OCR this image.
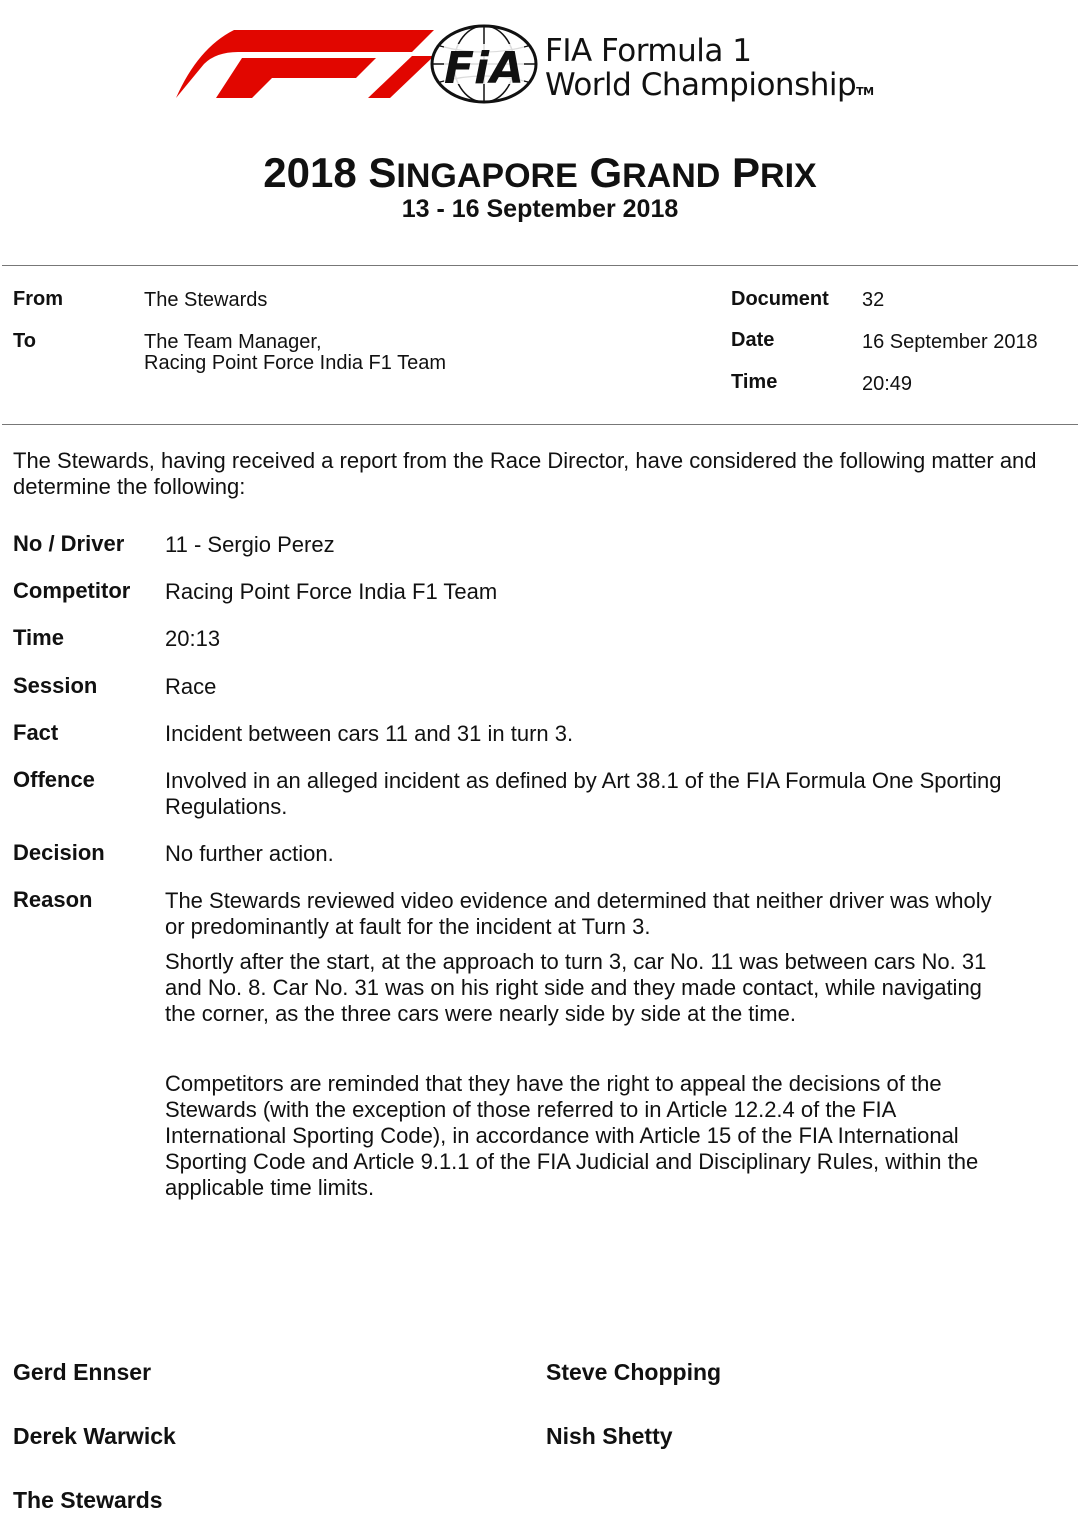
F i A FIA Formula 1
World ChampionshipTM
2018 SINGAPORE GRAND PRIX
13 - 16 September 2018
From	The Stewards
To	The Team Manager,
Racing Point Force India F1 Team
Document 32
Date	16 September 2018
Time	20:49
The Stewards, having received a report from the Race Director, have considered the following matter and determine the following:
No / Driver 11 - Sergio Perez
Competitor Racing Point Force India F1 Team
Time	20:13
Session	Race
Fact	Incident between cars 11 and 31 in turn 3.
Offence	Involved in an alleged incident as defined by Art 38.1 of the FIA Formula One Sporting
Regulations.
Decision	No further action.
Reason	The Stewards reviewed video evidence and determined that neither driver was wholy
or predominantly at fault for the incident at Turn 3.
Shortly after the start, at the approach to turn 3, car No. 11 was between cars No. 31
and No. 8. Car No. 31 was on his right side and they made contact, while navigating
the corner, as the three cars were nearly side by side at the time.
Competitors are reminded that they have the right to appeal the decisions of the
Stewards (with the exception of those referred to in Article 12.2.4 of the FIA
International Sporting Code), in accordance with Article 15 of the FIA International
Sporting Code and Article 9.1.1 of the FIA Judicial and Disciplinary Rules, within the
applicable time limits.
Gerd Ennser	Steve Chopping
Derek Warwick	Nish Shetty
The Stewards
